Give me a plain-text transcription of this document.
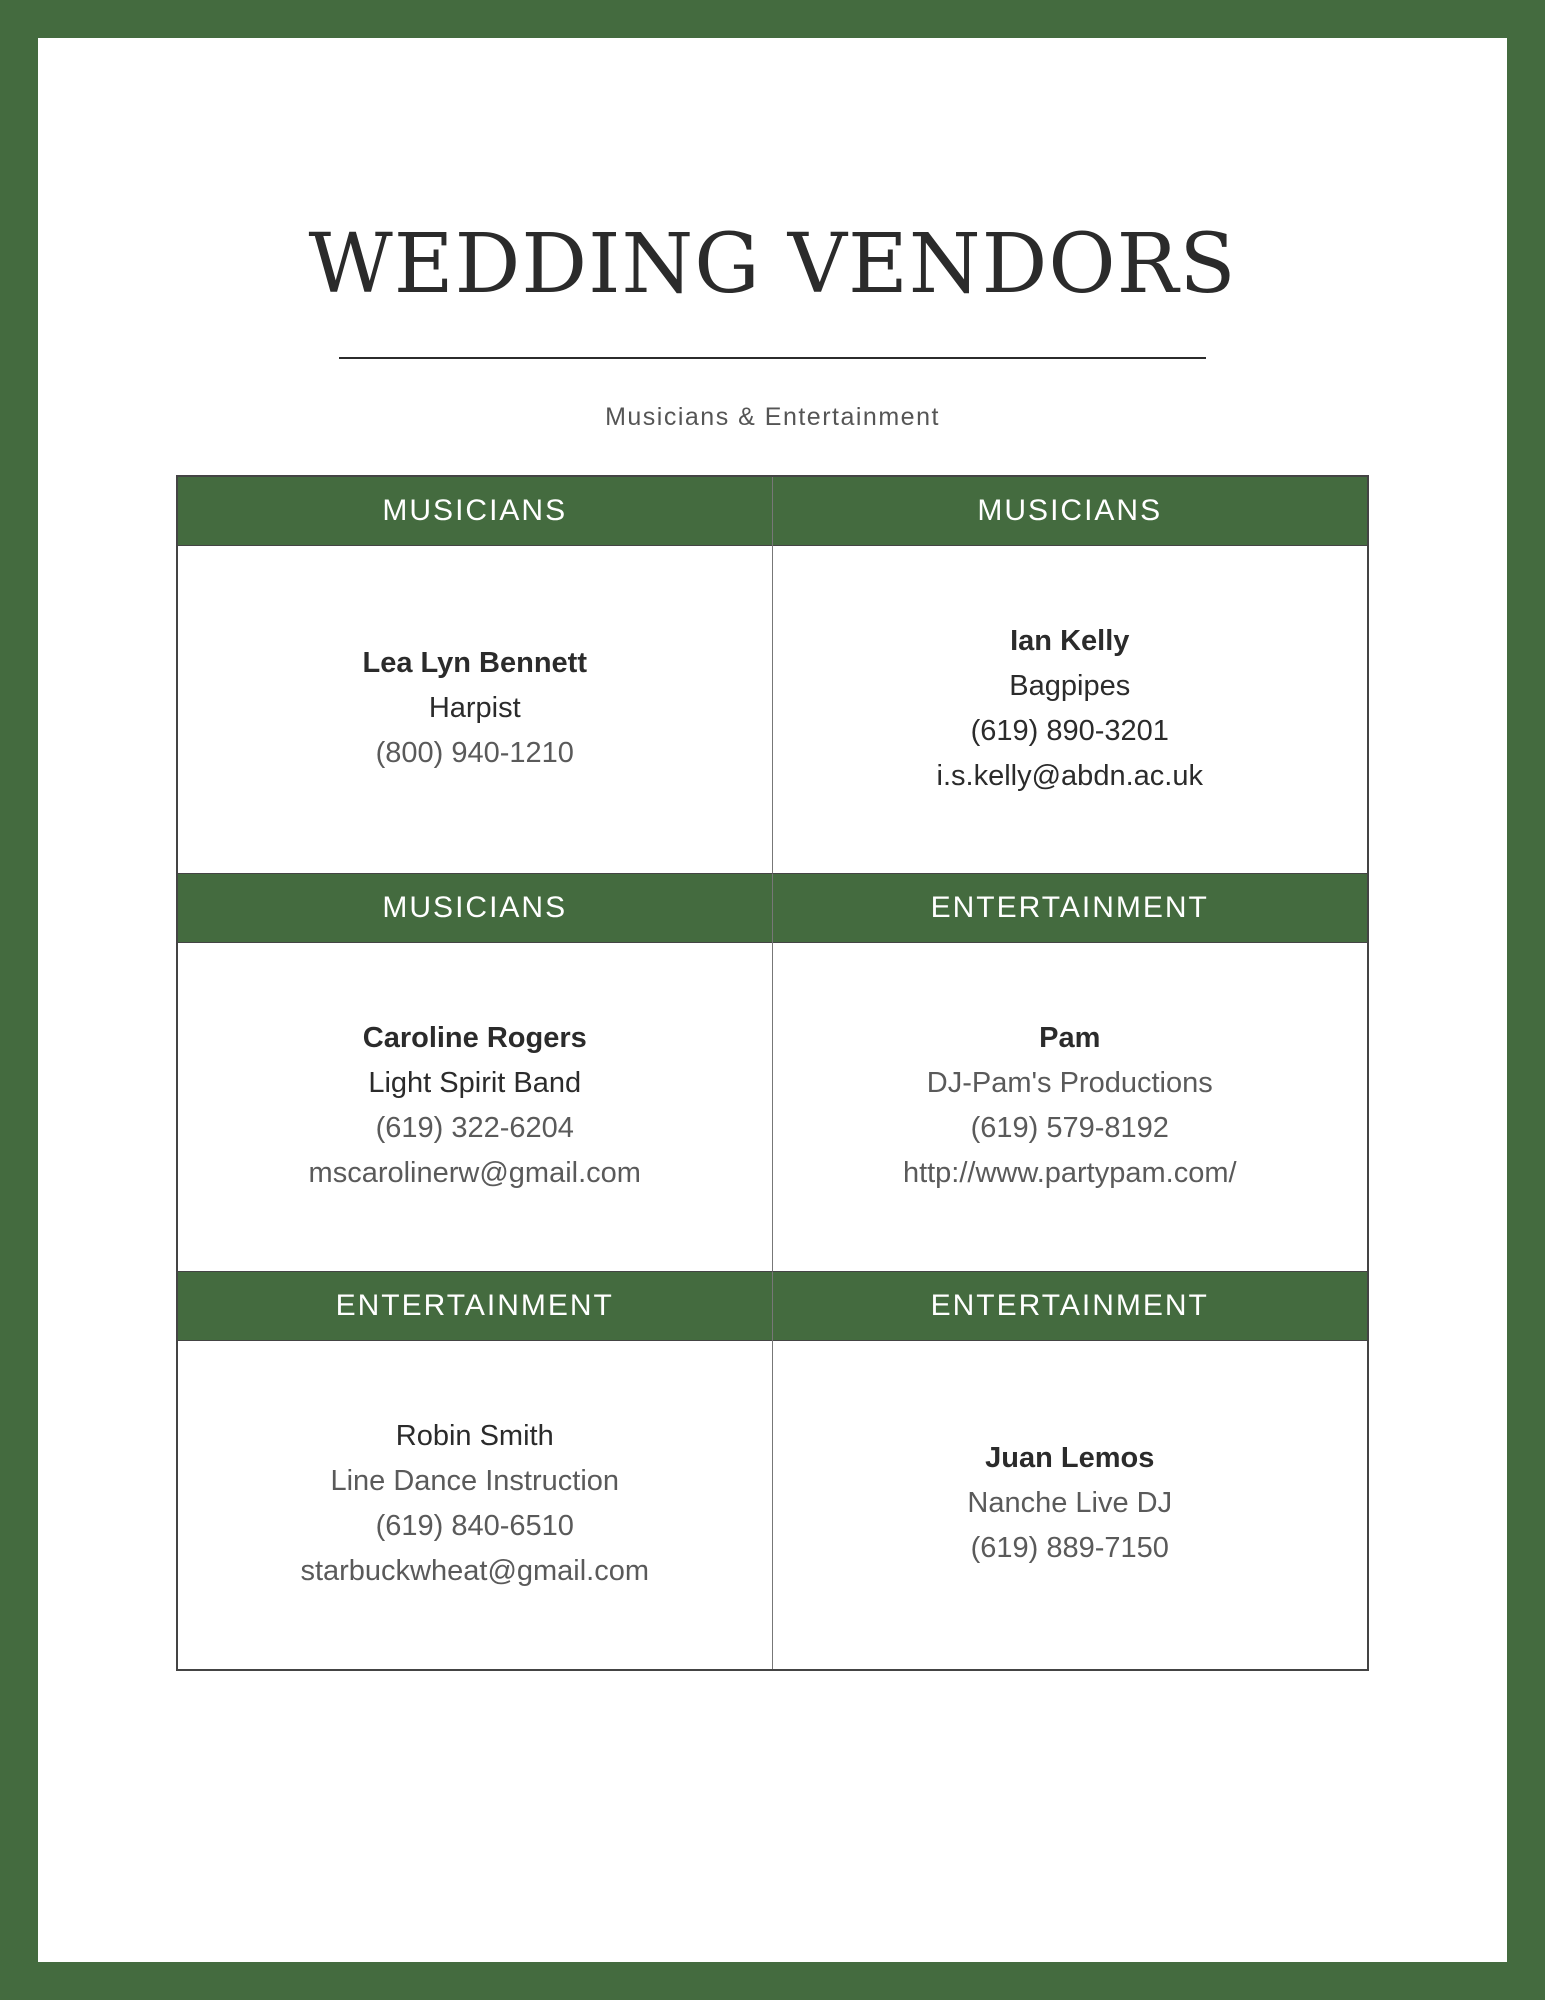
WEDDING VENDORS
Musicians & Entertainment
MUSICIANS
Lea Lyn Bennett
Harpist
(800) 940-1210
MUSICIANS
Ian Kelly
Bagpipes
(619) 890-3201
i.s.kelly@abdn.ac.uk
MUSICIANS
Caroline Rogers
Light Spirit Band
(619) 322-6204
mscarolinerw@gmail.com
ENTERTAINMENT
Pam
DJ-Pam's Productions
(619) 579-8192
http://www.partypam.com/
ENTERTAINMENT
Robin Smith
Line Dance Instruction
(619) 840-6510
starbuckwheat@gmail.com
ENTERTAINMENT
Juan Lemos
Nanche Live DJ
(619) 889-7150
